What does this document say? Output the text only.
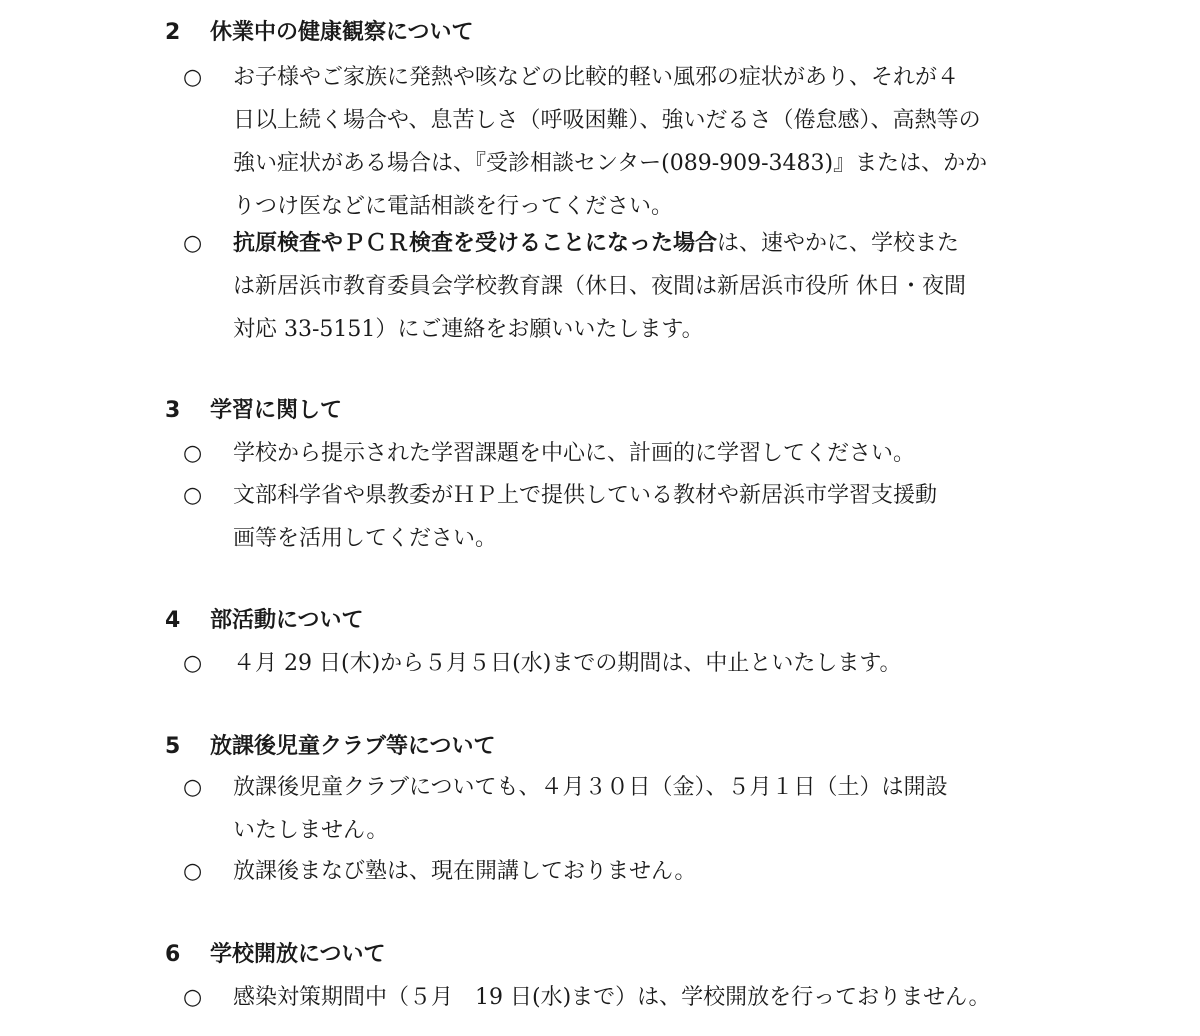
2 休業中の健康観察について
○ 　お子様やご家族に発熱や咳などの比較的軽い風邪の症状があり、それが４
日以上続く場合や、息苦しさ（呼吸困難）、強いだるさ（倦怠感）、高熱等の
強い症状がある場合は、『受診相談センター(089-909-3483)』または、かか
りつけ医などに電話相談を行ってください。
○ 　抗原検査やＰＣＲ検査を受けることになった場合は、速やかに、学校また
は新居浜市教育委員会学校教育課（休日、夜間は新居浜市役所 休日・夜間
対応 33-5151）にご連絡をお願いいたします。
3 学習に関して
○ 　学校から提示された学習課題を中心に、計画的に学習してください。
○ 　文部科学省や県教委がＨＰ上で提供している教材や新居浜市学習支援動
画等を活用してください。
4 部活動について
○ 　４月 29 日(木)から５月５日(水)までの期間は、中止といたします。
5 放課後児童クラブ等について
○ 　放課後児童クラブについても、４月３０日（金）、５月１日（土）は開設
いたしません。
○ 　放課後まなび塾は、現在開講しておりません。
6 学校開放について
○ 　感染対策期間中（５月　19 日(水)まで）は、学校開放を行っておりません。
